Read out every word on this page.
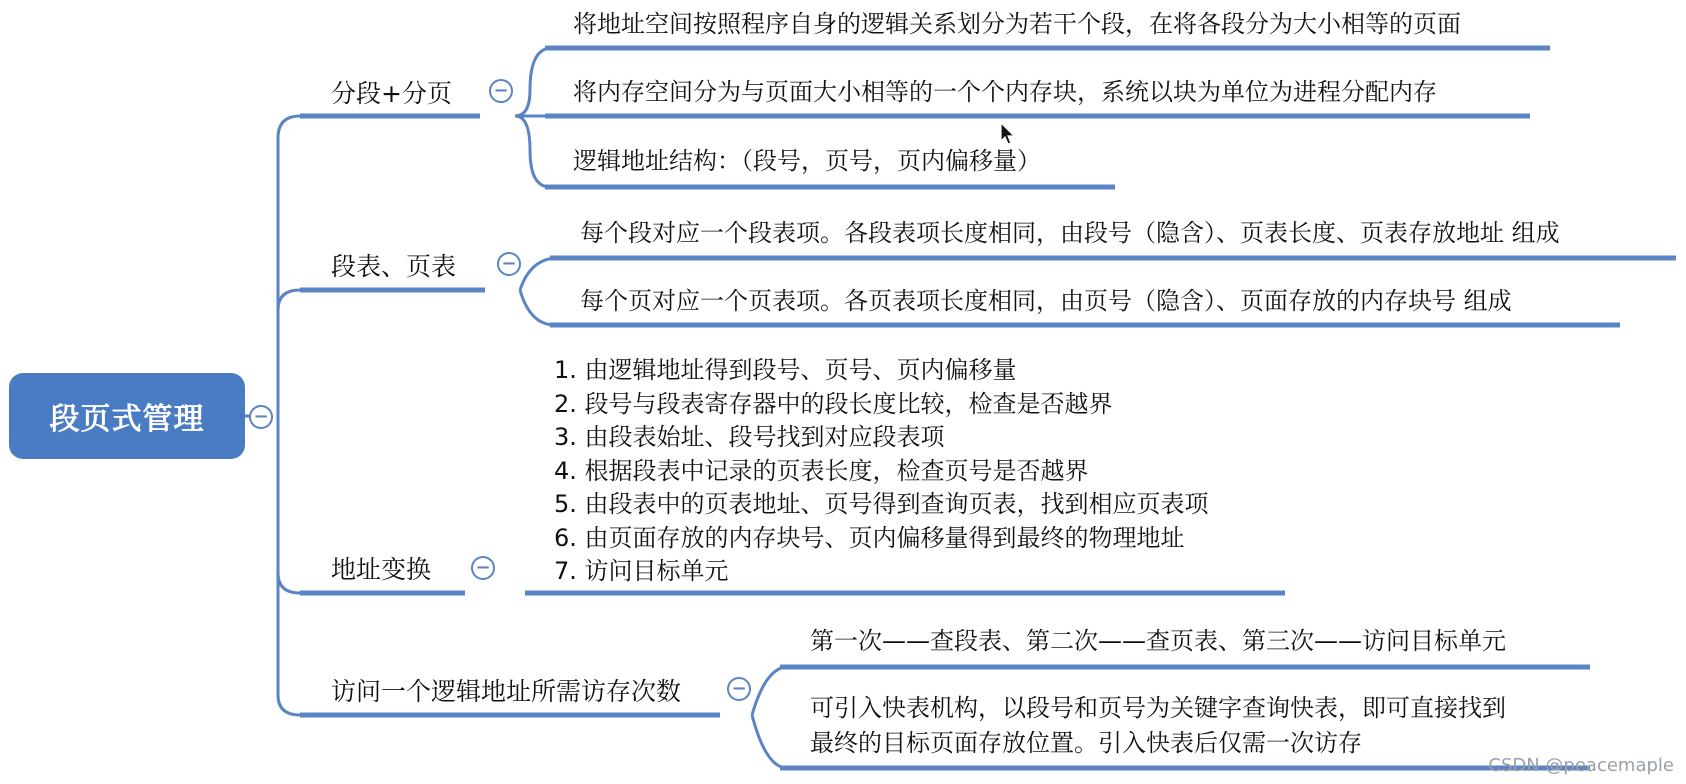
段页式管理	−
分段+分页 −
将地址空间按照程序自身的逻辑关系划分为若干个段，在将各段分为大小相等的页面
将内存空间分为与页面大小相等的一个个内存块，系统以块为单位为进程分配内存
逻辑地址结构：（段号，页号，页内偏移量）
段表、页表	−
每个段对应一个段表项。各段表项长度相同，由段号（隐含）、页表长度、页表存放地址 组成
每个页对应一个页表项。各页表项长度相同，由页号（隐含）、页面存放的内存块号 组成
地址变换 −
1. 由逻辑地址得到段号、页号、页内偏移量
2. 段号与段表寄存器中的段长度比较，检查是否越界
3. 由段表始址、段号找到对应段表项
4. 根据段表中记录的页表长度，检查页号是否越界
5. 由段表中的页表地址、页号得到查询页表，找到相应页表项
6. 由页面存放的内存块号、页内偏移量得到最终的物理地址
7. 访问目标单元
访问一个逻辑地址所需访存次数	−
第一次——查段表、第二次——查页表、第三次——访问目标单元
可引入快表机构，以段号和页号为关键字查询快表，即可直接找到
最终的目标页面存放位置。引入快表后仅需一次访存
CSDN @peacemaple
